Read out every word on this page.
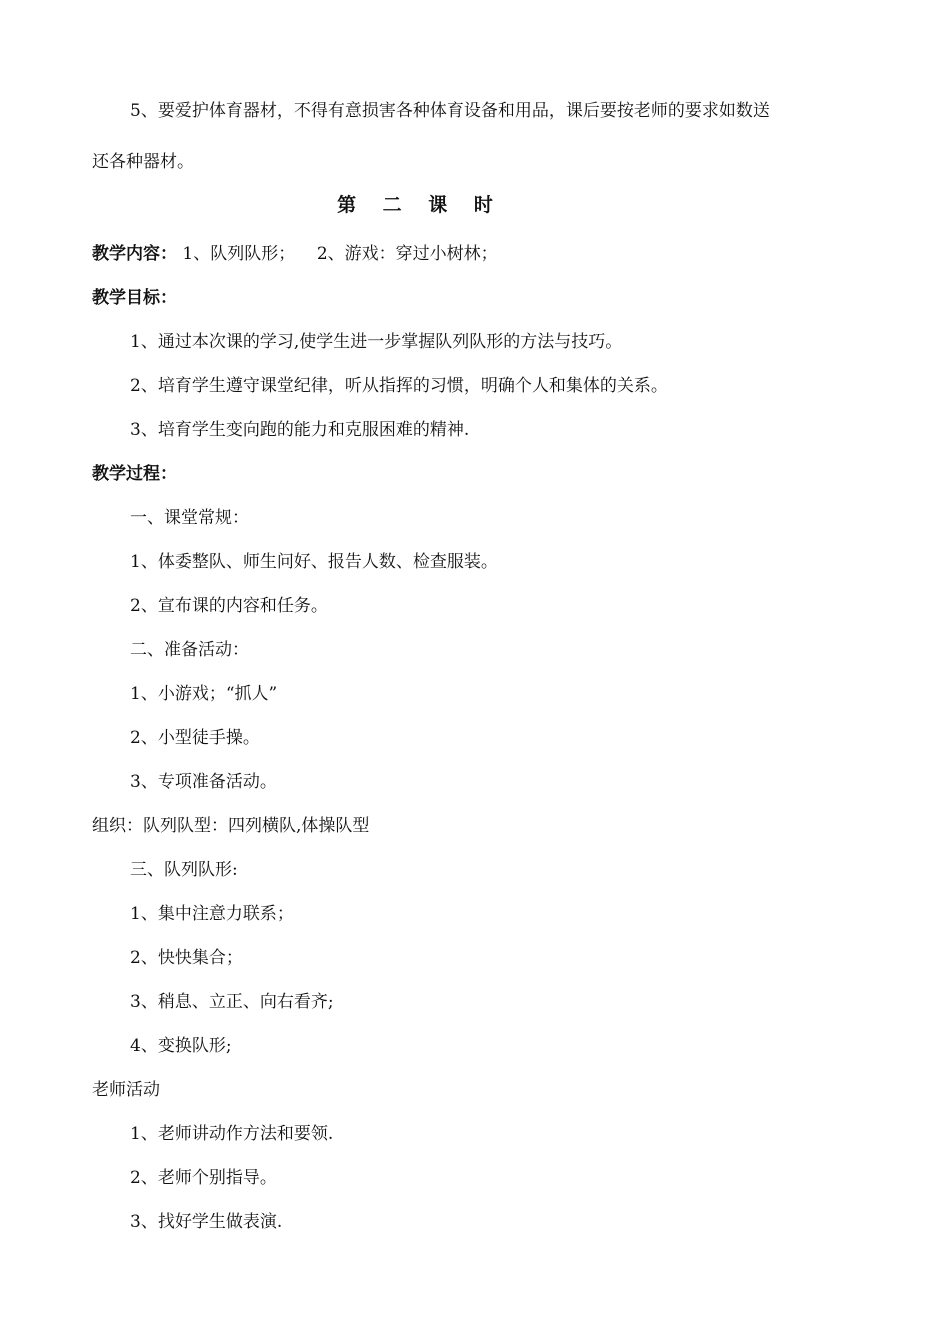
5、要爱护体育器材，不得有意损害各种体育设备和用品，课后要按老师的要求如数送
还各种器材。
第 二 课 时
教学内容： 1、队列队形；    2、游戏：穿过小树林；
教学目标：
1、通过本次课的学习,使学生进一步掌握队列队形的方法与技巧。
2、培育学生遵守课堂纪律，听从指挥的习惯，明确个人和集体的关系。
3、培育学生变向跑的能力和克服困难的精神.
教学过程：
一、课堂常规：
1、体委整队、师生问好、报告人数、检查服装。
2、宣布课的内容和任务。
二、准备活动：
1、小游戏；“抓人”
2、小型徒手操。
3、专项准备活动。
组织：队列队型：四列横队,体操队型
三、队列队形:
1、集中注意力联系；
2、快快集合；
3、稍息、立正、向右看齐;
4、变换队形;
老师活动
1、老师讲动作方法和要领.
2、老师个别指导。
3、找好学生做表演.
